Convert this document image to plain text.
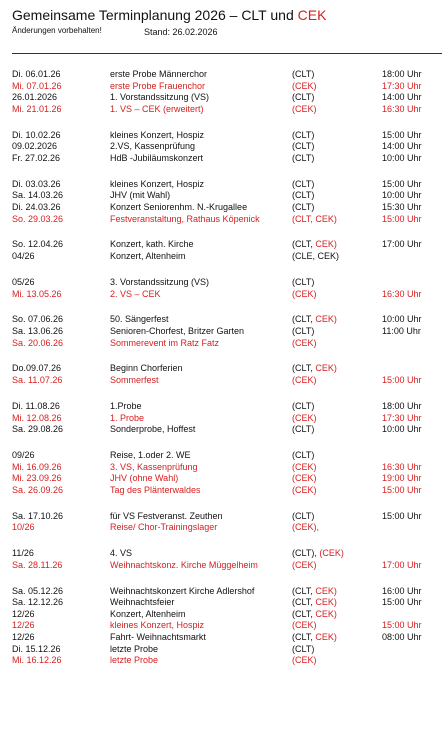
Gemeinsame Terminplanung 2026 – CLT und CEK
Änderungen vorbehalten!	Stand: 26.02.2026
Di. 06.01.26	erste Probe Männerchor	(CLT)	18:00 Uhr
Mi. 07.01.26	erste Probe Frauenchor	(CEK)	17:30 Uhr
26.01.2026	1. Vorstandssitzung (VS)	(CLT)	14:00 Uhr
Mi. 21.01.26	1. VS – CEK (erweitert)	(CEK)	16:30 Uhr
Di. 10.02.26	kleines Konzert, Hospiz	(CLT)	15:00 Uhr
09.02.2026	2.VS, Kassenprüfung	(CLT)	14:00 Uhr
Fr. 27.02.26	HdB -Jubiläumskonzert	(CLT)	10:00 Uhr
Di. 03.03.26	kleines Konzert, Hospiz	(CLT)	15:00 Uhr
Sa. 14.03.26	JHV (mit Wahl)	(CLT)	10:00 Uhr
Di. 24.03.26	Konzert Seniorenhm. N.-Krugallee	(CLT)	15:30 Uhr
So. 29.03.26	Festveranstaltung, Rathaus Köpenick	(CLT, CEK)	15:00 Uhr
So. 12.04.26	Konzert, kath. Kirche	(CLT, CEK)	17:00 Uhr
04/26	Konzert, Altenheim	(CLE, CEK)
05/26	3. Vorstandssitzung (VS)	(CLT)
Mi. 13.05.26	2. VS – CEK	(CEK)	16:30 Uhr
So. 07.06.26	50. Sängerfest	(CLT, CEK)	10:00 Uhr
Sa. 13.06.26	Senioren-Chorfest, Britzer Garten	(CLT)	11:00 Uhr
Sa. 20.06.26	Sommerevent im Ratz Fatz	(CEK)
Do.09.07.26	Beginn Chorferien	(CLT, CEK)
Sa. 11.07.26	Sommerfest	(CEK)	15:00 Uhr
Di. 11.08.26	1.Probe	(CLT)	18:00 Uhr
Mi. 12.08.26	1. Probe	(CEK)	17:30 Uhr
Sa. 29.08.26	Sonderprobe, Hoffest	(CLT)	10:00 Uhr
09/26	Reise, 1.oder 2. WE	(CLT)
Mi. 16.09.26	3. VS, Kassenprüfung	(CEK)	16:30 Uhr
Mi. 23.09.26	JHV (ohne Wahl)	(CEK)	19:00 Uhr
Sa. 26.09.26	Tag des Plänterwaldes	(CEK)	15:00 Uhr
Sa. 17.10.26	für VS Festveranst. Zeuthen	(CLT)	15:00 Uhr
10/26	Reise/ Chor-Trainingslager	(CEK),
11/26	4. VS	(CLT), (CEK)
Sa. 28.11.26	Weihnachtskonz. Kirche Müggelheim	(CEK)	17:00 Uhr
Sa. 05.12.26	Weihnachtskonzert Kirche Adlershof	(CLT, CEK)	16:00 Uhr
Sa. 12.12.26	Weihnachtsfeier	(CLT, CEK)	15:00 Uhr
12/26	Konzert, Altenheim	(CLT, CEK)
12/26	kleines Konzert, Hospiz	(CEK)	15:00 Uhr
12/26	Fahrt- Weihnachtsmarkt	(CLT, CEK)	08:00 Uhr
Di. 15.12.26	letzte Probe	(CLT)
Mi. 16.12.26	letzte Probe	(CEK)
